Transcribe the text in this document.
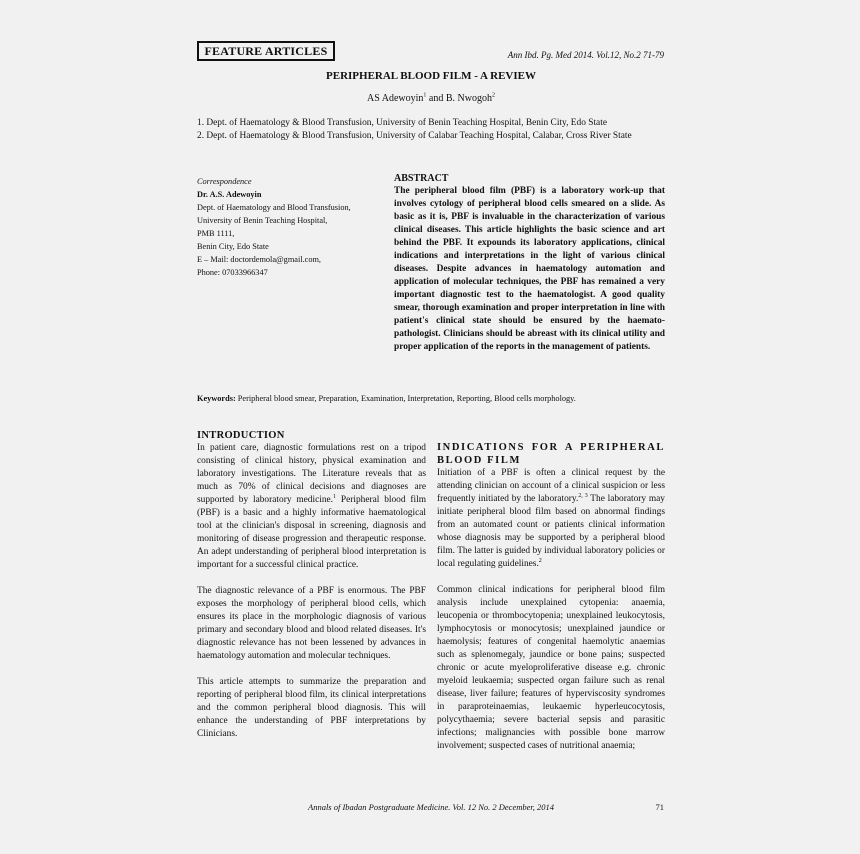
FEATURE ARTICLES	Ann Ibd. Pg. Med 2014. Vol.12, No.2 71-79
PERIPHERAL BLOOD FILM - A REVIEW
AS Adewoyin$^1$ and B. Nwogoh$^2$
1. Dept. of Haematology & Blood Transfusion, University of Benin Teaching Hospital, Benin City, Edo State
2. Dept. of Haematology & Blood Transfusion, University of Calabar Teaching Hospital, Calabar, Cross River State
Correspondence
Dr. A.S. Adewoyin
Dept. of Haematology and Blood Transfusion,
University of Benin Teaching Hospital,
PMB 1111,
Benin City, Edo State
E – Mail: doctordemola@gmail.com,
Phone: 07033966347
ABSTRACT

The peripheral blood film (PBF) is a laboratory work-up that involves cytology of peripheral blood cells smeared on a slide. As basic as it is, PBF is invaluable in the characterization of various clinical diseases. This article highlights the basic science and art behind the PBF. It expounds its laboratory applications, clinical indications and interpretations in the light of various clinical diseases. Despite advances in haematology automation and application of molecular techniques, the PBF has remained a very important diagnostic test to the haematologist. A good quality smear, thorough examination and proper interpretation in line with patient's clinical state should be ensured by the haemato-pathologist. Clinicians should be abreast with its clinical utility and proper application of the reports in the management of patients.

Keywords: Peripheral blood smear, Preparation, Examination, Interpretation, Reporting, Blood cells morphology.
INTRODUCTION

In patient care, diagnostic formulations rest on a tripod consisting of clinical history, physical examination and laboratory investigations. The Literature reveals that as much as 70% of clinical decisions and diagnoses are supported by laboratory medicine.$^1$ Peripheral blood film (PBF) is a basic and a highly informative haematological tool at the clinician's disposal in screening, diagnosis and monitoring of disease progression and therapeutic response. An adept understanding of peripheral blood interpretation is important for a successful clinical practice.

The diagnostic relevance of a PBF is enormous. The PBF exposes the morphology of peripheral blood cells, which ensures its place in the morphologic diagnosis of various primary and secondary blood and blood related diseases. It's diagnostic relevance has not been lessened by advances in haematology automation and molecular techniques.

This article attempts to summarize the preparation and reporting of peripheral blood film, its clinical interpretations and the common peripheral blood diagnosis. This will enhance the understanding of PBF interpretations by Clinicians.

INDICATIONS FOR A PERIPHERAL BLOOD FILM

Initiation of a PBF is often a clinical request by the attending clinician on account of a clinical suspicion or less frequently initiated by the laboratory.$^{2, 3}$ The laboratory may initiate peripheral blood film based on abnormal findings from an automated count or patients clinical information whose diagnosis may be supported by a peripheral blood film. The latter is guided by individual laboratory policies or local regulating guidelines.$^2$

Common clinical indications for peripheral blood film analysis include unexplained cytopenia: anaemia, leucopenia or thrombocytopenia; unexplained leukocytosis, lymphocytosis or monocytosis; unexplained jaundice or haemolysis; features of congenital haemolytic anaemias such as splenomegaly, jaundice or bone pains; suspected chronic or acute myeloproliferative disease e.g. chronic myeloid leukaemia; suspected organ failure such as renal disease, liver failure; features of hyperviscosity syndromes in paraproteinaemias, leukaemic hyperleucocytosis, polycythaemia; severe bacterial sepsis and parasitic infections; malignancies with possible bone marrow involvement; suspected cases of nutritional anaemia;

Annals of Ibadan Postgraduate Medicine. Vol. 12 No. 2 December, 2014	71
